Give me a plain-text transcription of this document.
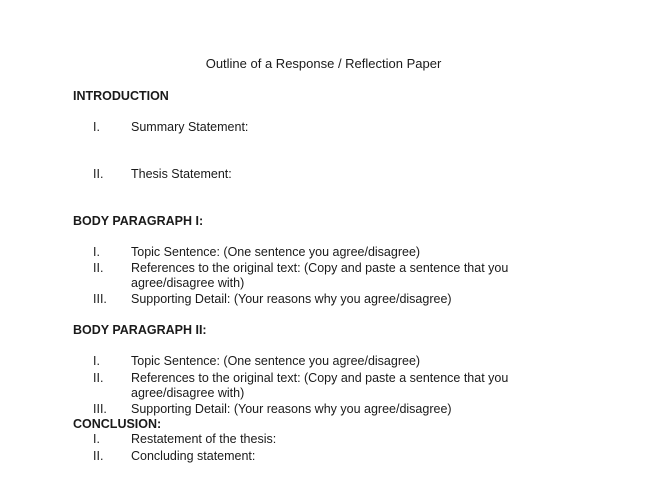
Outline of a Response / Reflection Paper
INTRODUCTION
I.	Summary Statement:
II.	Thesis Statement:
BODY PARAGRAPH I:
I.	Topic Sentence: (One sentence you agree/disagree)
II.	References to the original text: (Copy and paste a sentence that you agree/disagree with)
III.	Supporting Detail: (Your reasons why you agree/disagree)
BODY PARAGRAPH II:
I.	Topic Sentence: (One sentence you agree/disagree)
II.	References to the original text: (Copy and paste a sentence that you agree/disagree with)
III.	Supporting Detail: (Your reasons why you agree/disagree)
CONCLUSION:
I.	Restatement of the thesis:
II.	Concluding statement:
